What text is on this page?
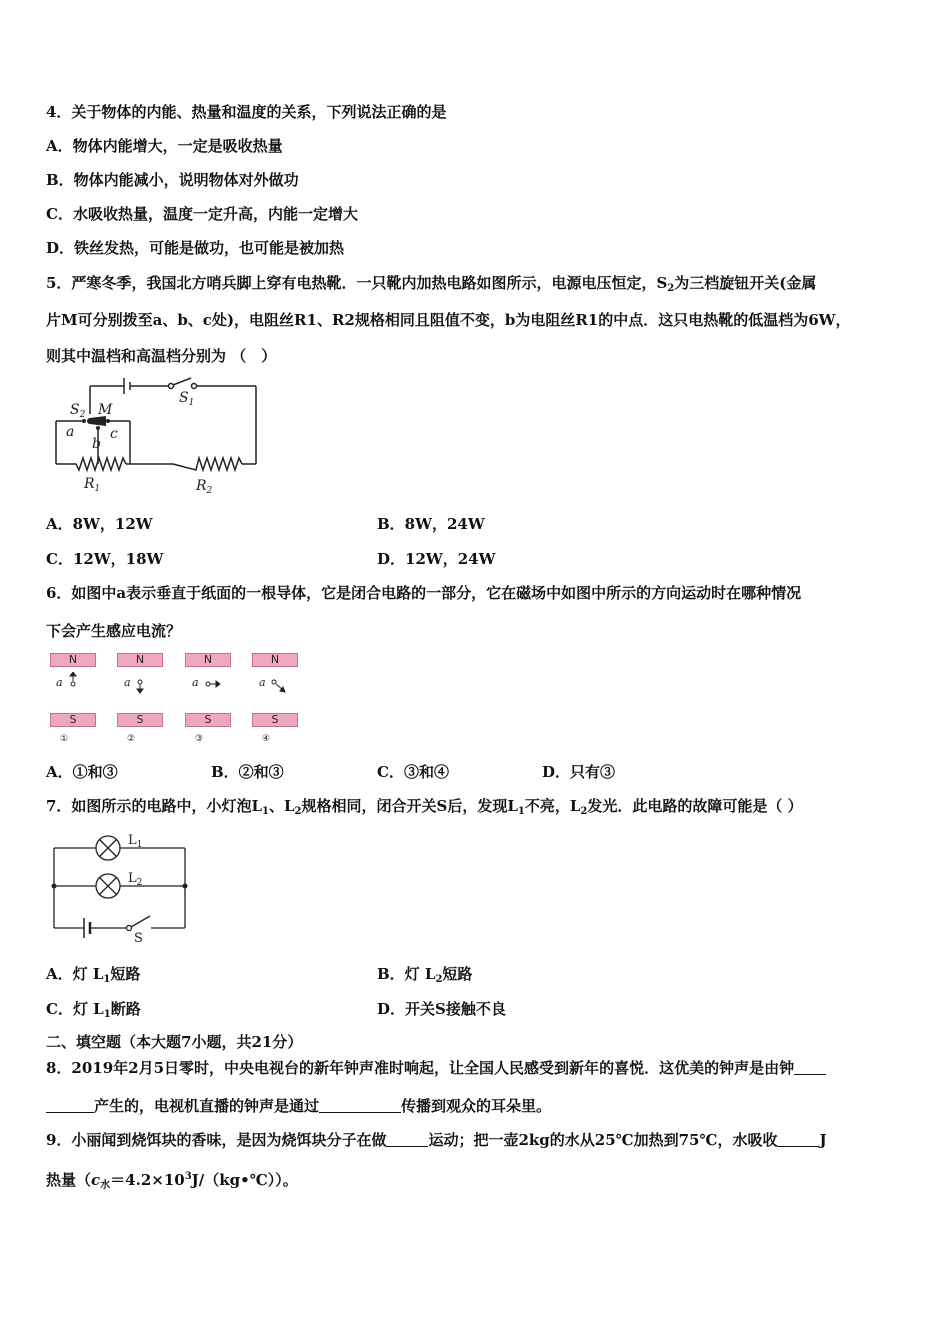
4．关于物体的内能、热量和温度的关系，下列说法正确的是
A．物体内能增大，一定是吸收热量
B．物体内能减小，说明物体对外做功
C．水吸收热量，温度一定升高，内能一定增大
D．铁丝发热，可能是做功，也可能是被加热
5．严寒冬季，我国北方哨兵脚上穿有电热靴．一只靴内加热电路如图所示，电源电压恒定，$S_2$为三档旋钮开关(金属
片M可分别拨至a、b、c处)，电阻丝R1、R2规格相同且阻值不变，b为电阻丝R1的中点．这只电热靴的低温档为6W，
则其中温档和高温档分别为 （　）
$S_1$
$S_2$ M
a
b
c
$R_1$	$R_2$
A．8W，12W	B．8W，24W
C．12W，18W	D．12W，24W
6．如图中a表示垂直于纸面的一根导体，它是闭合电路的一部分，它在磁场中如图中所示的方向运动时在哪种情况
下会产生感应电流？
N	N	N	N
a	a	a	a
S	S	S	S
①	②	③	④
A．①和③	B．②和③	C．③和④	D．只有③
7．如图所示的电路中，小灯泡$L_1$、$L_2$规格相同，闭合开关S后，发现$L_1$不亮，$L_2$发光．此电路的故障可能是（ ）
$L_1$
$L_2$
S
A．灯 $L_1$短路	B．灯 $L_2$短路
C．灯 $L_1$断路	D．开关S接触不良
二、填空题（本大题7小题，共21分）
8．2019年2月5日零时，中央电视台的新年钟声准时响起，让全国人民感受到新年的喜悦．这优美的钟声是由钟
产生的，电视机直播的钟声是通过	传播到观众的耳朵里。
9．小丽闻到烧饵块的香味，是因为烧饵块分子在做	运动；把一壶2kg的水从25℃加热到75℃，水吸收	J
热量$(c_水=4.2\times 10^3J/(kg•℃))$。
